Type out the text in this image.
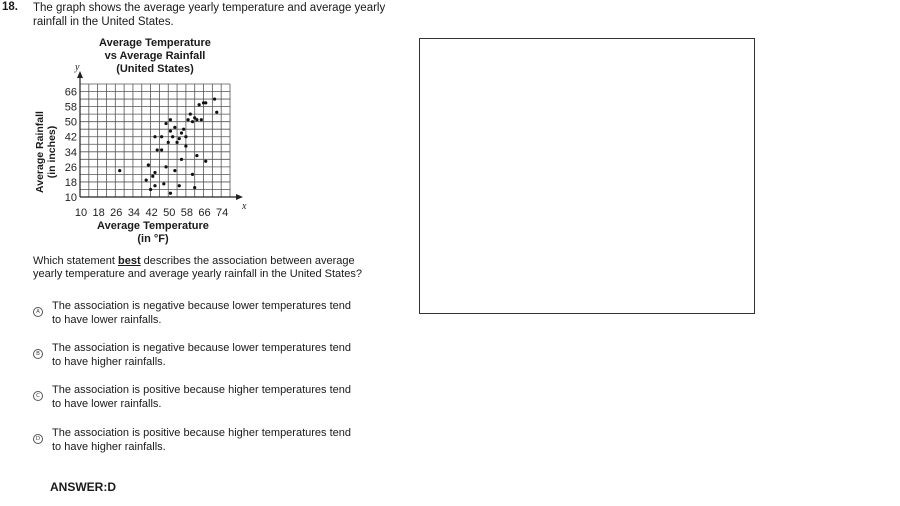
18. The graph shows the average yearly temperature and average yearly
rainfall in the United States.
Average Temperature
vs Average Rainfall
(United States)
x
y
10
18
26
34
42
50
58
66
10 18 26 34 42 50 58 66 74
Average Rainfall (in inches)
Average Temperature
(in °F)
Which statement best describes the association between average
yearly temperature and average yearly rainfall in the United States?
A The association is negative because lower temperatures tend
to have lower rainfalls.
B The association is negative because lower temperatures tend
to have higher rainfalls.
C The association is positive because higher temperatures tend
to have lower rainfalls.
D The association is positive because higher temperatures tend
to have higher rainfalls.
ANSWER:D
